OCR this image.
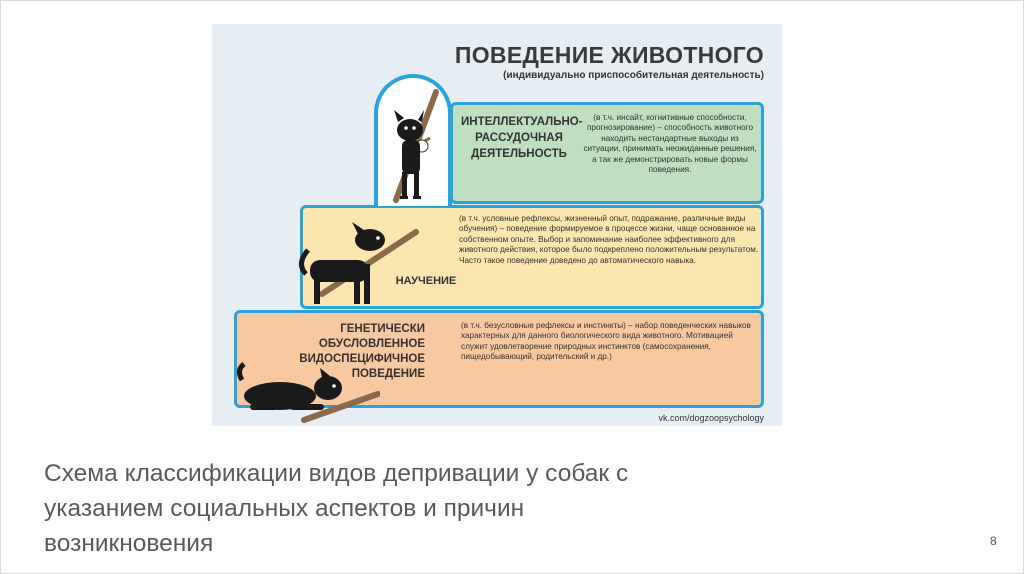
ПОВЕДЕНИЕ ЖИВОТНОГО
(индивидуально приспособительная деятельность)
ГЕНЕТИЧЕСКИ ОБУСЛОВЛЕННОЕ
ВИДОСПЕЦИФИЧНОЕ
ПОВЕДЕНИЕ
(в т.ч. безусловные рефлексы и инстинкты) – набор поведенческих навыков характерных для данного биологического вида животного. Мотивацией служит удовлетворение природных инстинктов (самосохранения, пищедобывающий, родительский и др.)
НАУЧЕНИЕ
(в т.ч. условные рефлексы, жизненный опыт, подражание, различные виды обучения) – поведение формируемое в процессе жизни, чаще основанное на собственном опыте. Выбор и запоминание наиболее эффективного для животного действия, которое было подкреплено положительным результатом. Часто такое поведение доведено до автоматического навыка.
ИНТЕЛЛЕКТУАЛЬНО-
РАССУДОЧНАЯ
ДЕЯТЕЛЬНОСТЬ
(в т.ч. инсайт, когнитивные способности, прогнозирование) – способность животного находить нестандартные выходы из ситуации, принимать неожиданные решения, а так же демонстрировать новые формы поведения.
vk.com/dogzoopsychology
Схема классификации видов депривации у собак с указанием социальных аспектов и причин возникновения	8
